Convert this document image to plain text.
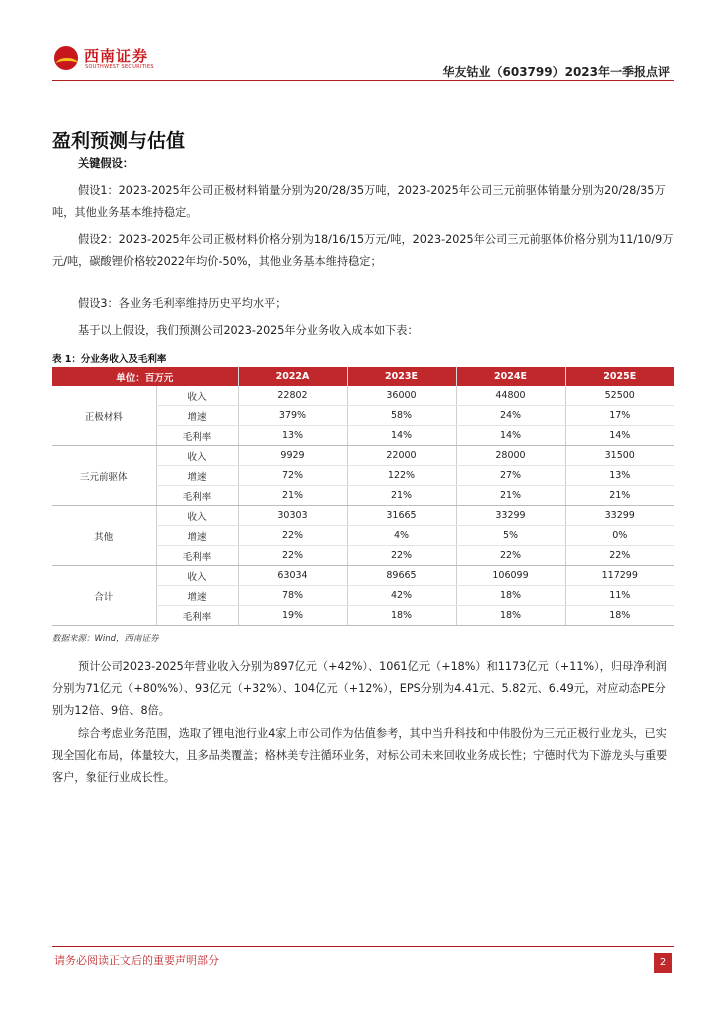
西南证券
SOUTHWEST SECURITIES	华友钴业（603799）2023年一季报点评
盈利预测与估值
关键假设：
假设1：2023-2025年公司正极材料销量分别为20/28/35万吨，2023-2025年公司三元前驱体销量分别为20/28/35万吨，其他业务基本维持稳定。
假设2：2023-2025年公司正极材料价格分别为18/16/15万元/吨，2023-2025年公司三元前驱体价格分别为11/10/9万元/吨，碳酸锂价格较2022年均价-50%，其他业务基本维持稳定；
假设3：各业务毛利率维持历史平均水平；
基于以上假设，我们预测公司2023-2025年分业务收入成本如下表：
表 1：分业务收入及毛利率
单位：百万元		2022A	2023E	2024E	2025E
正极材料	收入	22802	36000	44800	52500
	增速	379%	58%	24%	17%
	毛利率	13%	14%	14%	14%
三元前驱体	收入	9929	22000	28000	31500
	增速	72%	122%	27%	13%
	毛利率	21%	21%	21%	21%
其他	收入	30303	31665	33299	33299
	增速	22%	4%	5%	0%
	毛利率	22%	22%	22%	22%
合计	收入	63034	89665	106099	117299
	增速	78%	42%	18%	11%
	毛利率	19%	18%	18%	18%
数据来源：Wind，西南证券
预计公司2023-2025年营业收入分别为897亿元（+42%）、1061亿元（+18%）和1173亿元（+11%），归母净利润分别为71亿元（+80%%）、93亿元（+32%）、104亿元（+12%），EPS分别为4.41元、5.82元、6.49元，对应动态PE分别为12倍、9倍、8倍。
综合考虑业务范围，选取了锂电池行业4家上市公司作为估值参考，其中当升科技和中伟股份为三元正极行业龙头，已实现全国化布局，体量较大，且多品类覆盖；格林美专注循环业务，对标公司未来回收业务成长性；宁德时代为下游龙头与重要客户，象征行业成长性。
请务必阅读正文后的重要声明部分	2
